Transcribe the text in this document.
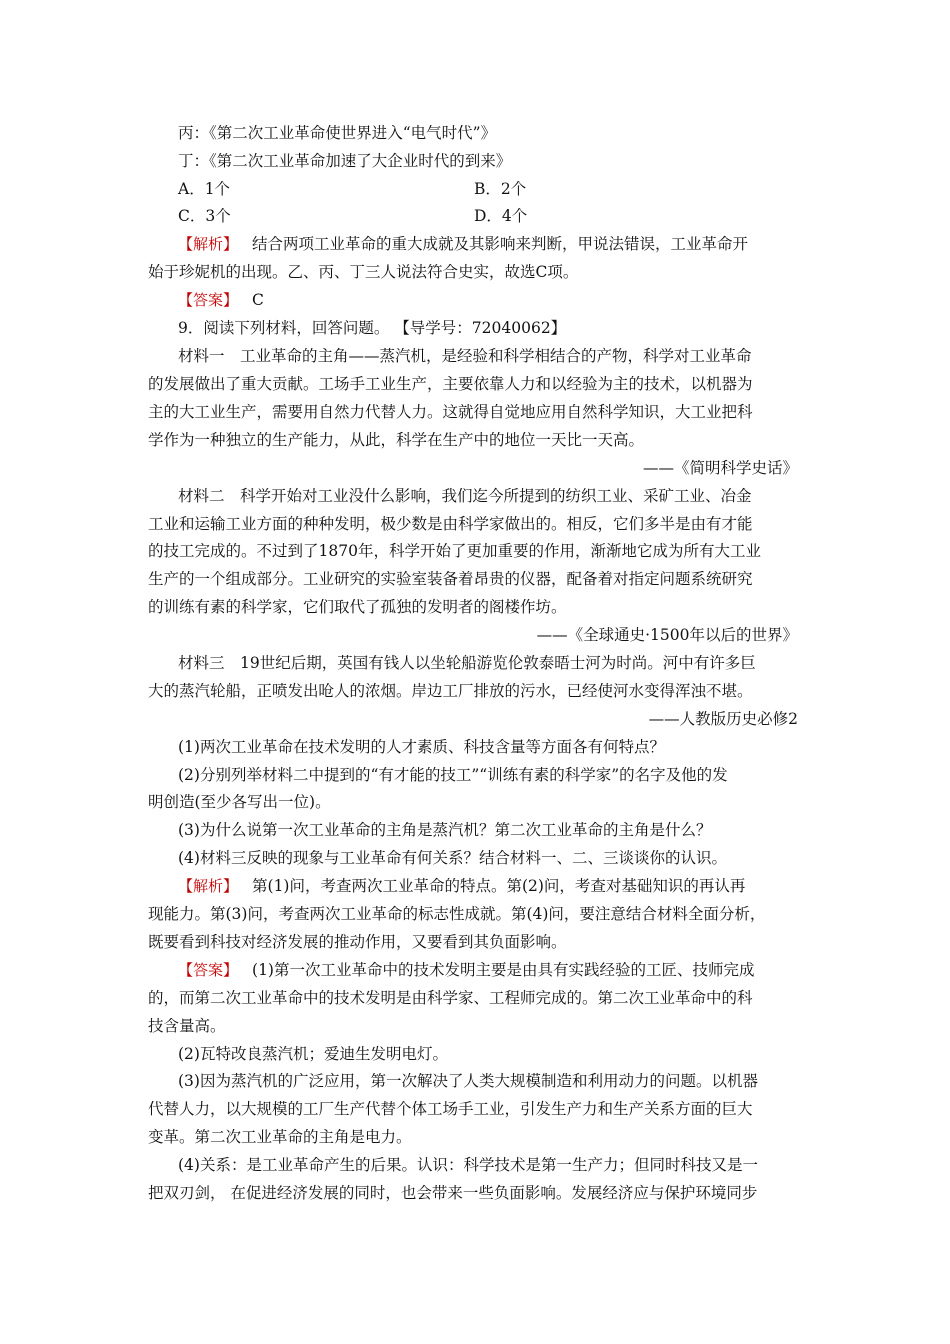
丙：《第二次工业革命使世界进入“电气时代”》
丁：《第二次工业革命加速了大企业时代的到来》
A．1个	B．2个
C．3个	D．4个
【解析】 结合两项工业革命的重大成就及其影响来判断，甲说法错误，工业革命开
始于珍妮机的出现。乙、丙、丁三人说法符合史实，故选C项。
【答案】 C
9．阅读下列材料，回答问题。 【导学号：72040062】
材料一　工业革命的主角——蒸汽机，是经验和科学相结合的产物，科学对工业革命
的发展做出了重大贡献。工场手工业生产，主要依靠人力和以经验为主的技术，以机器为
主的大工业生产，需要用自然力代替人力。这就得自觉地应用自然科学知识，大工业把科
学作为一种独立的生产能力，从此，科学在生产中的地位一天比一天高。
——《简明科学史话》
材料二　科学开始对工业没什么影响，我们迄今所提到的纺织工业、采矿工业、冶金
工业和运输工业方面的种种发明，极少数是由科学家做出的。相反，它们多半是由有才能
的技工完成的。不过到了1870年，科学开始了更加重要的作用，渐渐地它成为所有大工业
生产的一个组成部分。工业研究的实验室装备着昂贵的仪器，配备着对指定问题系统研究
的训练有素的科学家，它们取代了孤独的发明者的阁楼作坊。
——《全球通史·1500年以后的世界》
材料三　19世纪后期，英国有钱人以坐轮船游览伦敦泰晤士河为时尚。河中有许多巨
大的蒸汽轮船，正喷发出呛人的浓烟。岸边工厂排放的污水，已经使河水变得浑浊不堪。
——人教版历史必修2
(1)两次工业革命在技术发明的人才素质、科技含量等方面各有何特点？
(2)分别列举材料二中提到的“有才能的技工”“训练有素的科学家”的名字及他的发
明创造(至少各写出一位)。
(3)为什么说第一次工业革命的主角是蒸汽机？第二次工业革命的主角是什么？
(4)材料三反映的现象与工业革命有何关系？结合材料一、二、三谈谈你的认识。
【解析】 第(1)问，考查两次工业革命的特点。第(2)问，考查对基础知识的再认再
现能力。第(3)问，考查两次工业革命的标志性成就。第(4)问，要注意结合材料全面分析，
既要看到科技对经济发展的推动作用，又要看到其负面影响。
【答案】 (1)第一次工业革命中的技术发明主要是由具有实践经验的工匠、技师完成
的，而第二次工业革命中的技术发明是由科学家、工程师完成的。第二次工业革命中的科
技含量高。
(2)瓦特改良蒸汽机；爱迪生发明电灯。
(3)因为蒸汽机的广泛应用，第一次解决了人类大规模制造和利用动力的问题。以机器
代替人力，以大规模的工厂生产代替个体工场手工业，引发生产力和生产关系方面的巨大
变革。第二次工业革命的主角是电力。
(4)关系：是工业革命产生的后果。认识：科学技术是第一生产力；但同时科技又是一
把双刃剑， 在促进经济发展的同时，也会带来一些负面影响。发展经济应与保护环境同步
